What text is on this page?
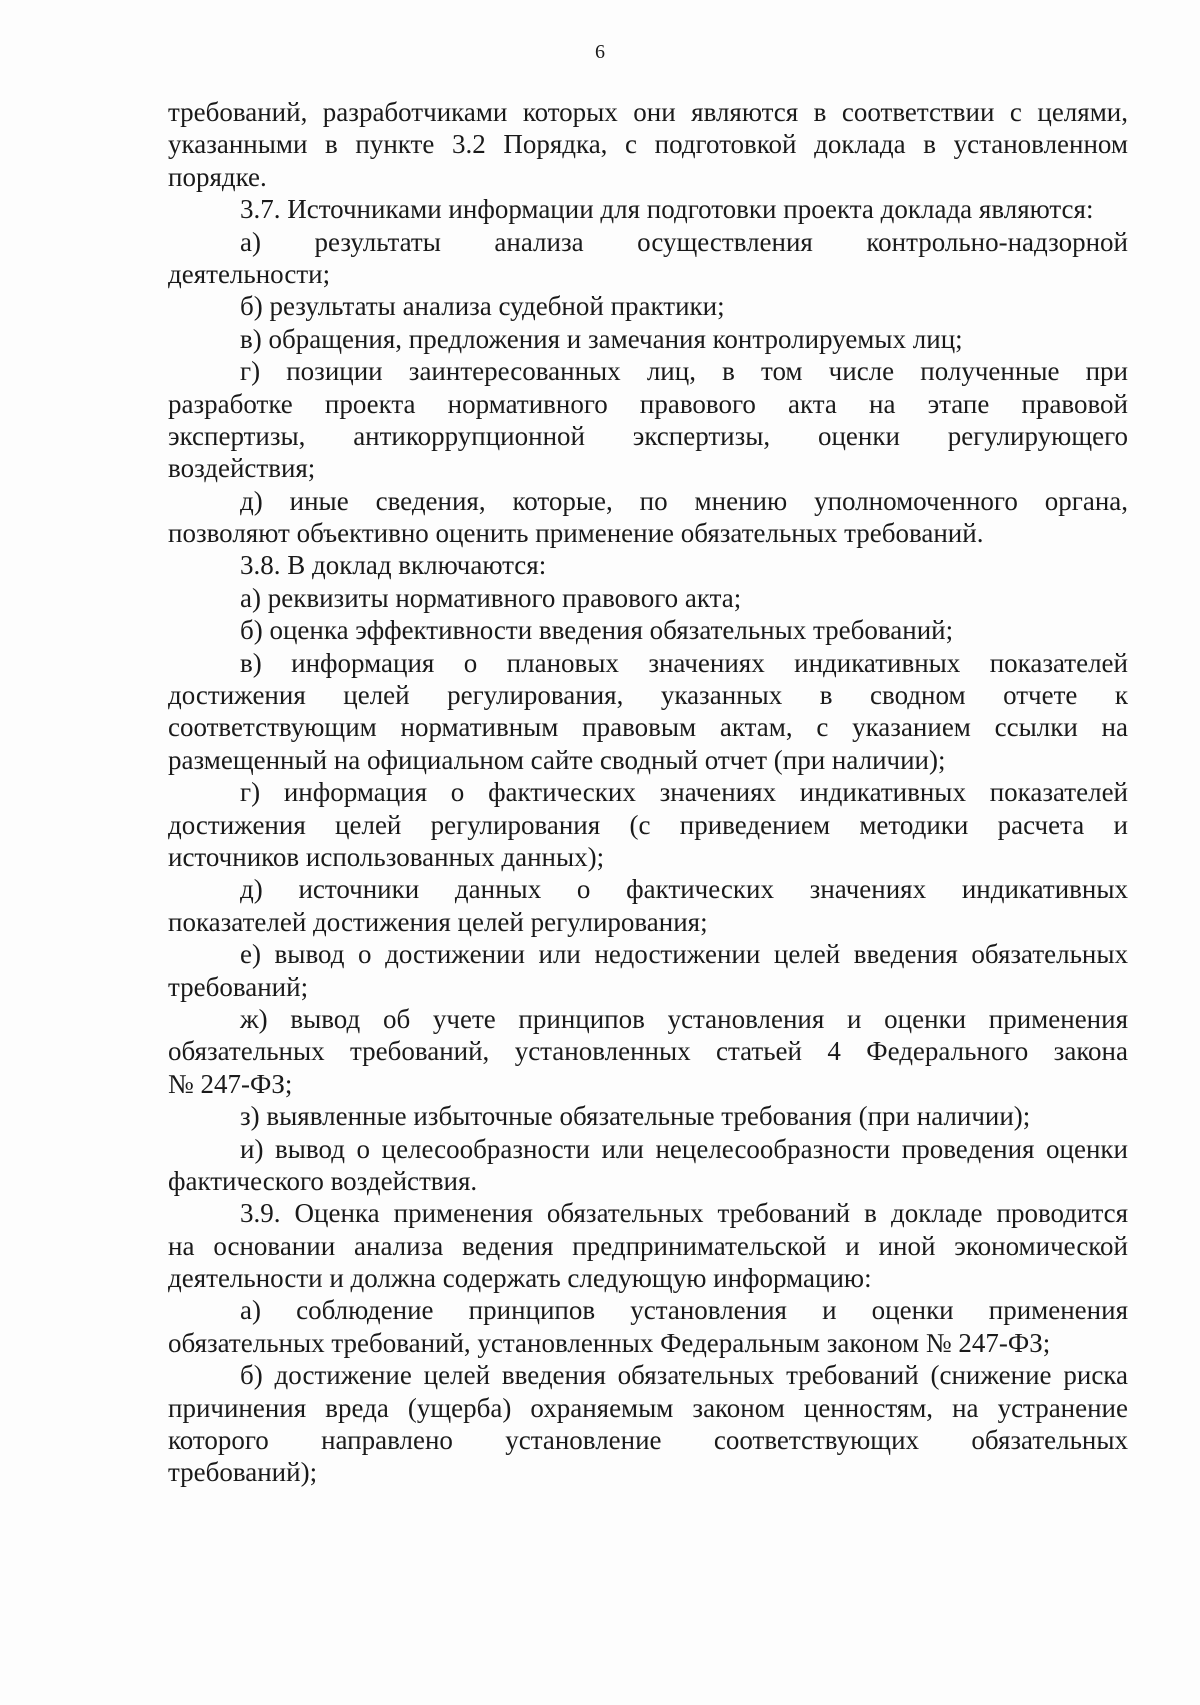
6
требований, разработчиками которых они являются в соответствии с целями,
указанными в пункте 3.2 Порядка, с подготовкой доклада в установленном
порядке.
3.7. Источниками информации для подготовки проекта доклада являются:
а) результаты анализа осуществления контрольно-надзорной
деятельности;
б) результаты анализа судебной практики;
в) обращения, предложения и замечания контролируемых лиц;
г) позиции заинтересованных лиц, в том числе полученные при
разработке проекта нормативного правового акта на этапе правовой
экспертизы, антикоррупционной экспертизы, оценки регулирующего
воздействия;
д) иные сведения, которые, по мнению уполномоченного органа,
позволяют объективно оценить применение обязательных требований.
3.8. В доклад включаются:
а) реквизиты нормативного правового акта;
б) оценка эффективности введения обязательных требований;
в) информация о плановых значениях индикативных показателей
достижения целей регулирования, указанных в сводном отчете к
соответствующим нормативным правовым актам, с указанием ссылки на
размещенный на официальном сайте сводный отчет (при наличии);
г) информация о фактических значениях индикативных показателей
достижения целей регулирования (с приведением методики расчета и
источников использованных данных);
д) источники данных о фактических значениях индикативных
показателей достижения целей регулирования;
е) вывод о достижении или недостижении целей введения обязательных
требований;
ж) вывод об учете принципов установления и оценки применения
обязательных требований, установленных статьей 4 Федерального закона
№ 247-ФЗ;
з) выявленные избыточные обязательные требования (при наличии);
и) вывод о целесообразности или нецелесообразности проведения оценки
фактического воздействия.
3.9. Оценка применения обязательных требований в докладе проводится
на основании анализа ведения предпринимательской и иной экономической
деятельности и должна содержать следующую информацию:
а) соблюдение принципов установления и оценки применения
обязательных требований, установленных Федеральным законом № 247-ФЗ;
б) достижение целей введения обязательных требований (снижение риска
причинения вреда (ущерба) охраняемым законом ценностям, на устранение
которого направлено установление соответствующих обязательных
требований);
